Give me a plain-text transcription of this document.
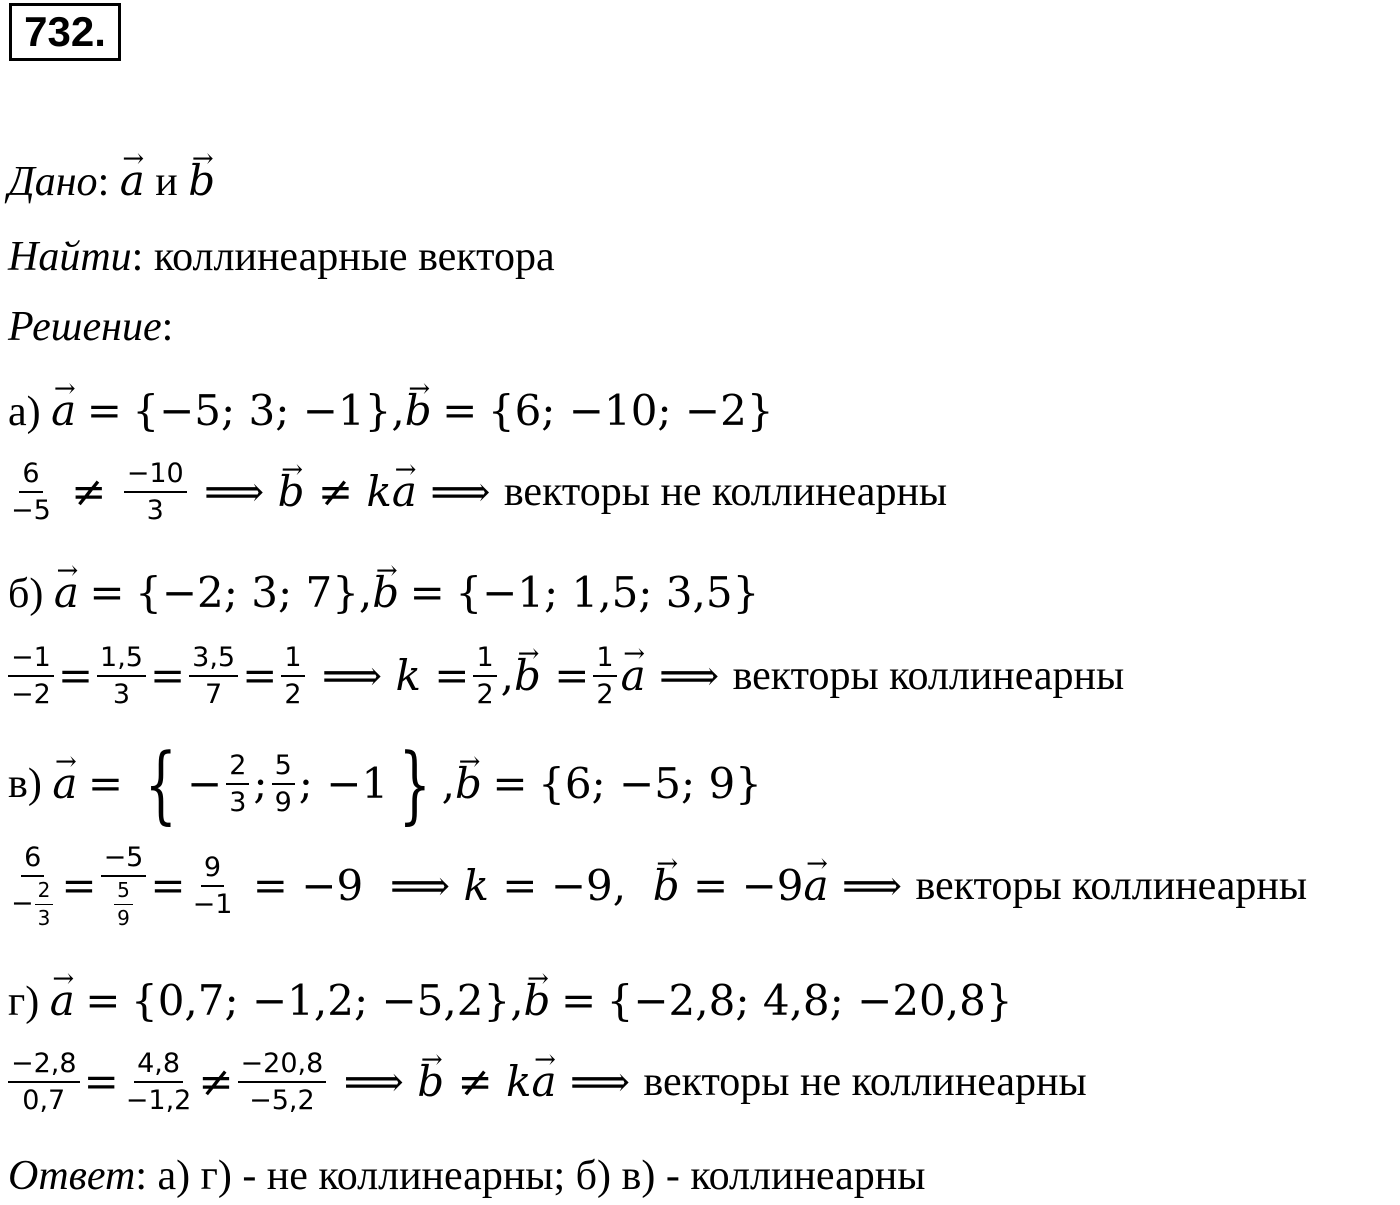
732.
Дано: → a и → b
Найти: коллинеарные вектора
Решение:
а) → a = {−5; 3; −1},→ b = {6; −10; −2}
$\frac{6}{-5} \ne \frac{-10}{3}$ ⟹
→ b ≠ k
→ a ⟹ векторы не коллинеарны
б) → a = {−2; 3; 7},→ b = {−1; 1,5; 3,5}
$\frac{-1}{-2} = \frac{1,5}{3} = \frac{3,5}{7} = \frac{1}{2}$ ⟹ $k = \frac{1}{2}$ ,
→ $b = \frac{1}{2}$
→ a ⟹ векторы коллинеарны
в)

→ a
=
{ − $\frac{2}{3}$ ; $\frac{5}{9}$ ; −1 } ,
→ b
=
{6; −5; 9}
$\frac{6}{- \frac{2}{3}} = \frac{-5}{\frac{5}{9}} = \frac{9}{-1} = -9$  ⟹ k = −9,
→ b = −9
→ a ⟹ векторы коллинеарны
г) → a = {0,7; −1,2; −5,2},→ b = {−2,8; 4,8; −20,8}
$\frac{-2,8}{0,7} = \frac{4,8}{-1,2} \ne \frac{-20,8}{-5,2}$ ⟹
→ b ≠ k
→ a ⟹ векторы не коллинеарны
Ответ: а) г) - не коллинеарны; б) в) - коллинеарны
